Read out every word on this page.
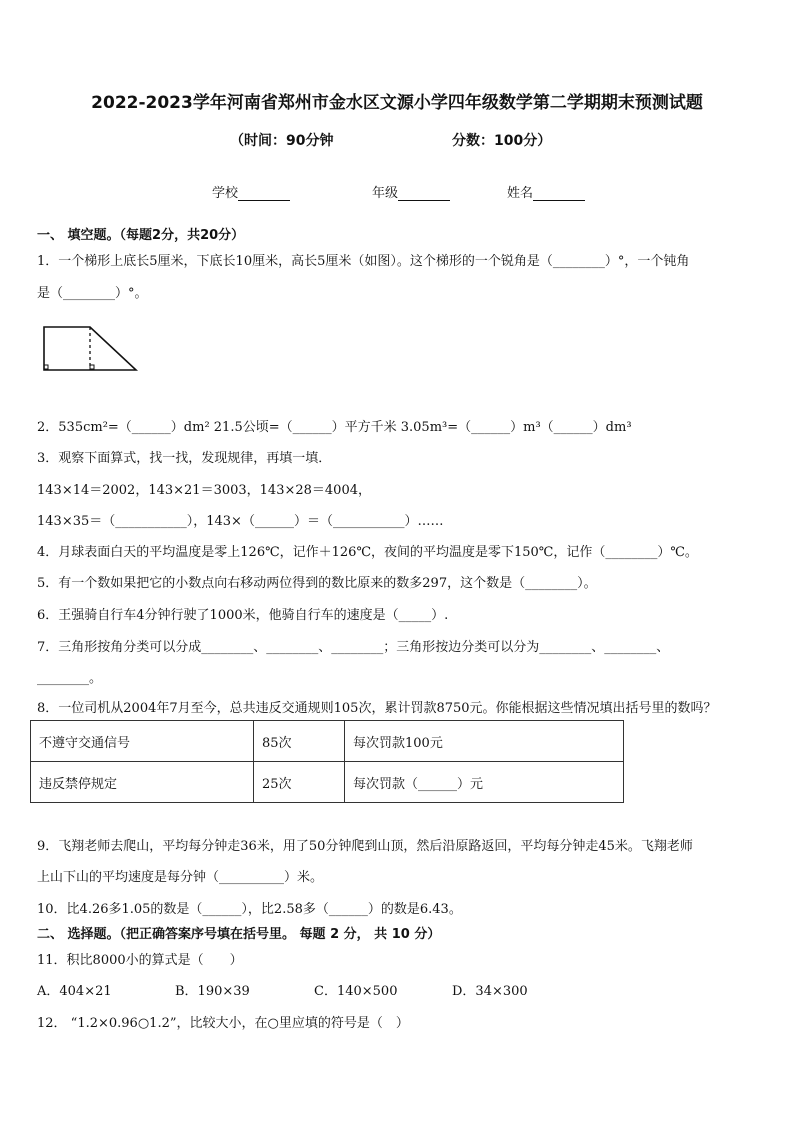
2022-2023学年河南省郑州市金水区文源小学四年级数学第二学期期末预测试题
（时间：90分钟	分数：100分）
学校	年级	姓名
一、 填空题。（每题2分，共20分）
1．一个梯形上底长5厘米，下底长10厘米，高长5厘米（如图）。这个梯形的一个锐角是（________）°，一个钝角
是（________）°。
2．535cm²=（______）dm² 21.5公顷=（______）平方千米 3.05m³=（______）m³（______）dm³
3．观察下面算式，找一找，发现规律，再填一填．
143×14＝2002，143×21＝3003，143×28＝4004，
143×35＝（___________），143×（______）＝（___________）……
4．月球表面白天的平均温度是零上126℃，记作＋126℃，夜间的平均温度是零下150℃，记作（________）℃。
5．有一个数如果把它的小数点向右移动两位得到的数比原来的数多297，这个数是（________）。
6．王强骑自行车4分钟行驶了1000米，他骑自行车的速度是（_____）.
7．三角形按角分类可以分成________、________、________；三角形按边分类可以分为________、________、
________。
8．一位司机从2004年7月至今，总共违反交通规则105次，累计罚款8750元。你能根据这些情况填出括号里的数吗？
不遵守交通信号	85次	每次罚款100元
违反禁停规定	25次	每次罚款（______）元
9．飞翔老师去爬山，平均每分钟走36米，用了50分钟爬到山顶，然后沿原路返回，平均每分钟走45米。飞翔老师
上山下山的平均速度是每分钟（__________）米。
10．比4.26多1.05的数是（______），比2.58多（______）的数是6.43。
二、 选择题。（把正确答案序号填在括号里。 每题 2 分， 共 10 分）
11．积比8000小的算式是（　　）
A．404×21	B．190×39	C．140×500	D．34×300
12． “1.2×0.96○1.2”，比较大小，在○里应填的符号是（　）
